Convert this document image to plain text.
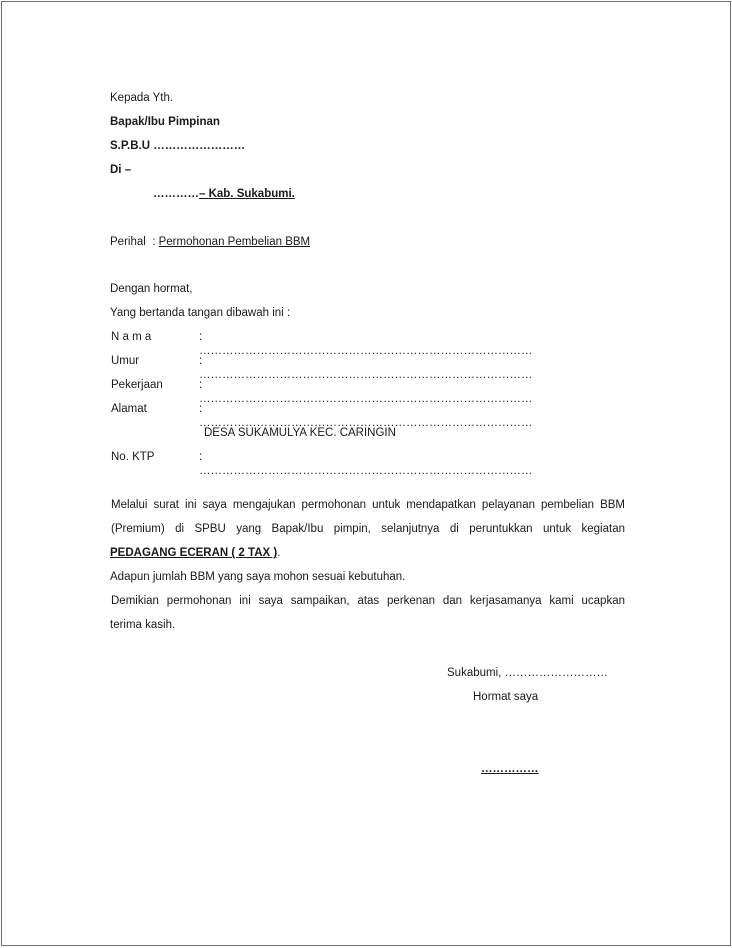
Kepada Yth.
Bapak/Ibu Pimpinan
S.P.B.U ……………………
Di –
…………– Kab. Sukabumi.
Perihal : Permohonan Pembelian BBM
Dengan hormat,
Yang bertanda tangan dibawah ini :
N a m a	: ……………………………………………………………………………
Umur	: ……………………………………………………………………………
Pekerjaan	: ……………………………………………………………………………
Alamat	: ……………………………………………………………………………
DESA SUKAMULYA KEC. CARINGIN
No. KTP	: ……………………………………………………………………………
Melalui surat ini saya mengajukan permohonan untuk mendapatkan pelayanan pembelian BBM
(Premium) di SPBU yang Bapak/Ibu pimpin, selanjutnya di peruntukkan untuk kegiatan
PEDAGANG ECERAN ( 2 TAX ).
Adapun jumlah BBM yang saya mohon sesuai kebutuhan.
Demikian permohonan ini saya sampaikan, atas perkenan dan kerjasamanya kami ucapkan
terima kasih.
Sukabumi, ………………………
Hormat saya
……………
